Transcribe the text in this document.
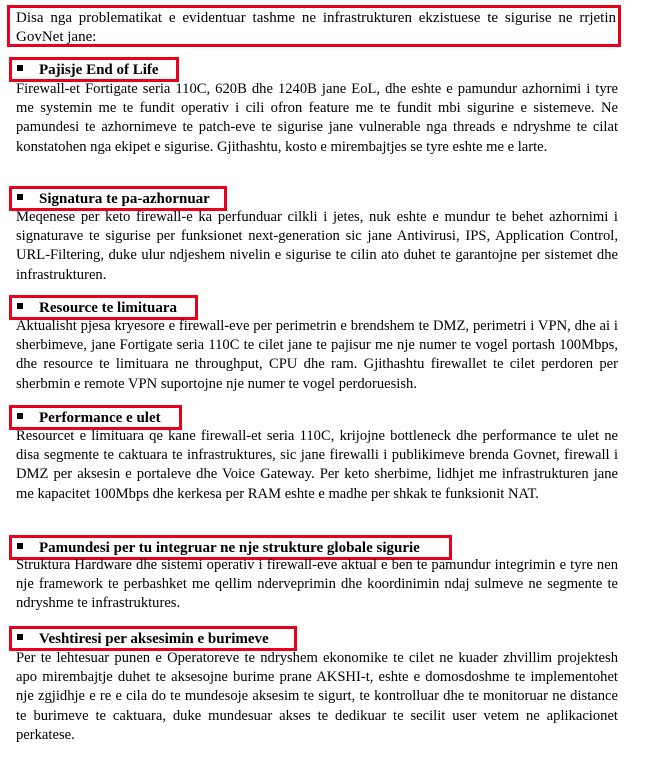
Disa nga problematikat e evidentuar tashme ne infrastrukturen ekzistuese te sigurise ne rrjetin GovNet jane:
Pajisje End of Life
Firewall-et Fortigate seria 110C, 620B dhe 1240B jane EoL, dhe eshte e pamundur azhornimi i tyre me systemin me te fundit operativ i cili ofron feature me te fundit mbi sigurine e sistemeve. Ne pamundesi te azhornimeve te patch-eve te sigurise jane vulnerable nga threads e ndryshme te cilat konstatohen nga ekipet e sigurise. Gjithashtu, kosto e mirembajtjes se tyre eshte me e larte.
Signatura te pa-azhornuar
Meqenese per keto firewall-e ka perfunduar cilkli i jetes, nuk eshte e mundur te behet azhornimi i signaturave te sigurise per funksionet next-generation sic jane Antivirusi, IPS, Application Control, URL-Filtering, duke ulur ndjeshem nivelin e sigurise te cilin ato duhet te garantojne per sistemet dhe infrastrukturen.
Resource te limituara
Aktualisht pjesa kryesore e firewall-eve per perimetrin e brendshem te DMZ, perimetri i VPN, dhe ai i sherbimeve, jane Fortigate seria 110C te cilet jane te pajisur me nje numer te vogel portash 100Mbps, dhe resource te limituara ne throughput, CPU dhe ram. Gjithashtu firewallet te cilet perdoren per sherbmin e remote VPN suportojne nje numer te vogel perdoruesish.
Performance e ulet
Resourcet e limituara qe kane firewall-et seria 110C, krijojne bottleneck dhe performance te ulet ne disa segmente te caktuara te infrastruktures, sic jane firewalli i publikimeve brenda Govnet, firewall i DMZ per aksesin e portaleve dhe Voice Gateway. Per keto sherbime, lidhjet me infrastrukturen jane me kapacitet 100Mbps dhe kerkesa per RAM eshte e madhe per shkak te funksionit NAT.
Pamundesi per tu integruar ne nje strukture globale sigurie
Struktura Hardware dhe sistemi operativ i firewall-eve aktual e ben te pamundur integrimin e tyre nen nje framework te perbashket me qellim nderveprimin dhe koordinimin ndaj sulmeve ne segmente te ndryshme te infrastruktures.
Veshtiresi per aksesimin e burimeve
Per te lehtesuar punen e Operatoreve te ndryshem ekonomike te cilet ne kuader zhvillim projektesh apo mirembajtje duhet te aksesojne burime prane AKSHI-t, eshte e domosdoshme te implementohet nje zgjidhje e re e cila do te mundesoje aksesim te sigurt, te kontrolluar dhe te monitoruar ne distance te burimeve te caktuara, duke mundesuar akses te dedikuar te secilit user vetem ne aplikacionet perkatese.
